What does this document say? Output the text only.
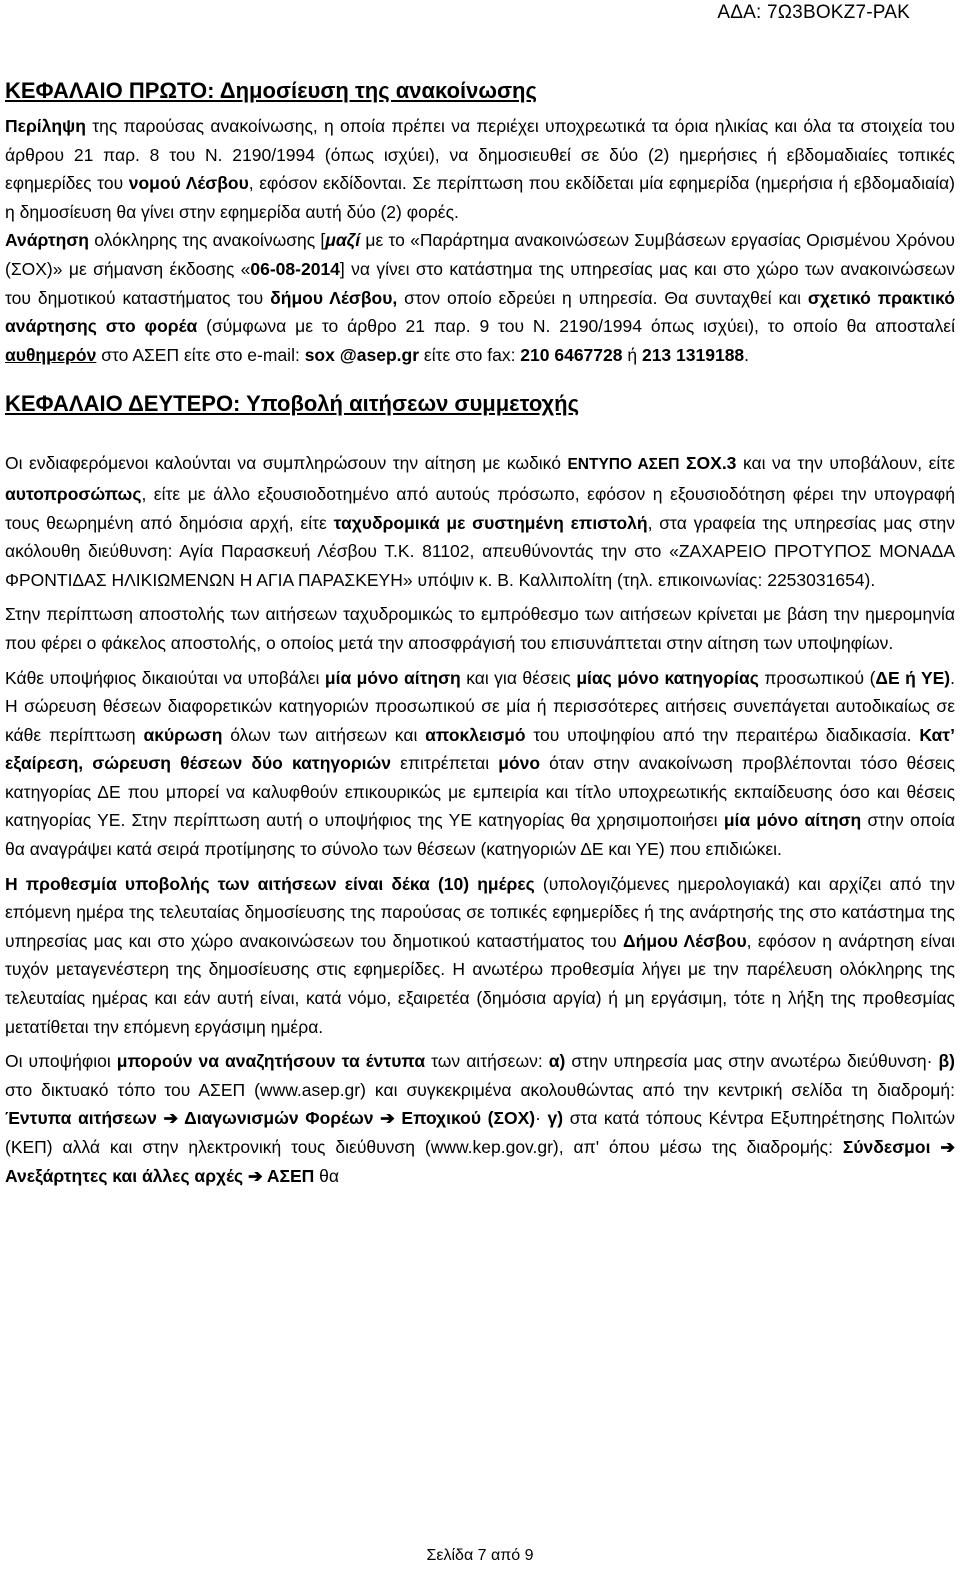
ΑΔΑ: 7Ω3ΒΟΚΖ7-ΡΑΚ
ΚΕΦΑΛΑΙΟ ΠΡΩΤΟ: Δημοσίευση της ανακοίνωσης

Περίληψη της παρούσας ανακοίνωσης, η οποία πρέπει να περιέχει υποχρεωτικά τα όρια ηλικίας και όλα τα στοιχεία του άρθρου 21 παρ. 8 του Ν. 2190/1994 (όπως ισχύει), να δημοσιευθεί σε δύο (2) ημερήσιες ή εβδομαδιαίες τοπικές εφημερίδες του νομού Λέσβου, εφόσον εκδίδονται. Σε περίπτωση που εκδίδεται μία εφημερίδα (ημερήσια ή εβδομαδιαία) η δημοσίευση θα γίνει στην εφημερίδα αυτή δύο (2) φορές.

Ανάρτηση ολόκληρης της ανακοίνωσης [μαζί με το «Παράρτημα ανακοινώσεων Συμβάσεων εργασίας Ορισμένου Χρόνου (ΣΟΧ)» με σήμανση έκδοσης «06-08-2014] να γίνει στο κατάστημα της υπηρεσίας μας και στο χώρο των ανακοινώσεων του δημοτικού καταστήματος του δήμου Λέσβου, στον οποίο εδρεύει η υπηρεσία. Θα συνταχθεί και σχετικό πρακτικό ανάρτησης στο φορέα (σύμφωνα με το άρθρο 21 παρ. 9 του Ν. 2190/1994 όπως ισχύει), το οποίο θα αποσταλεί αυθημερόν στο ΑΣΕΠ είτε στο e-mail: sox @asep.gr είτε στο fax: 210 6467728 ή 213 1319188.

ΚΕΦΑΛΑΙΟ ΔΕΥΤΕΡΟ: Υποβολή αιτήσεων συμμετοχής

Οι ενδιαφερόμενοι καλούνται να συμπληρώσουν την αίτηση με κωδικό ΕΝΤΥΠΟ ΑΣΕΠ ΣΟΧ.3 και να την υποβάλουν, είτε αυτοπροσώπως, είτε με άλλο εξουσιοδοτημένο από αυτούς πρόσωπο, εφόσον η εξουσιοδότηση φέρει την υπογραφή τους θεωρημένη από δημόσια αρχή, είτε ταχυδρομικά με συστημένη επιστολή, στα γραφεία της υπηρεσίας μας στην ακόλουθη διεύθυνση: Αγία Παρασκευή Λέσβου Τ.Κ. 81102, απευθύνοντάς την στο «ΖΑΧΑΡΕΙΟ ΠΡΟΤΥΠΟΣ ΜΟΝΑΔΑ ΦΡΟΝΤΙΔΑΣ ΗΛΙΚΙΩΜΕΝΩΝ Η ΑΓΙΑ ΠΑΡΑΣΚΕΥΗ» υπόψιν κ. Β. Καλλιπολίτη (τηλ. επικοινωνίας: 2253031654).

Στην περίπτωση αποστολής των αιτήσεων ταχυδρομικώς το εμπρόθεσμο των αιτήσεων κρίνεται με βάση την ημερομηνία που φέρει ο φάκελος αποστολής, ο οποίος μετά την αποσφράγισή του επισυνάπτεται στην αίτηση των υποψηφίων.

Κάθε υποψήφιος δικαιούται να υποβάλει μία μόνο αίτηση και για θέσεις μίας μόνο κατηγορίας προσωπικού (ΔΕ ή ΥΕ). Η σώρευση θέσεων διαφορετικών κατηγοριών προσωπικού σε μία ή περισσότερες αιτήσεις συνεπάγεται αυτοδικαίως σε κάθε περίπτωση ακύρωση όλων των αιτήσεων και αποκλεισμό του υποψηφίου από την περαιτέρω διαδικασία. Κατ’ εξαίρεση, σώρευση θέσεων δύο κατηγοριών επιτρέπεται μόνο όταν στην ανακοίνωση προβλέπονται τόσο θέσεις κατηγορίας ΔΕ που μπορεί να καλυφθούν επικουρικώς με εμπειρία και τίτλο υποχρεωτικής εκπαίδευσης όσο και θέσεις κατηγορίας ΥΕ. Στην περίπτωση αυτή ο υποψήφιος της ΥΕ κατηγορίας θα χρησιμοποιήσει μία μόνο αίτηση στην οποία θα αναγράψει κατά σειρά προτίμησης το σύνολο των θέσεων (κατηγοριών ΔΕ και ΥΕ) που επιδιώκει.

Η προθεσμία υποβολής των αιτήσεων είναι δέκα (10) ημέρες (υπολογιζόμενες ημερολογιακά) και αρχίζει από την επόμενη ημέρα της τελευταίας δημοσίευσης της παρούσας σε τοπικές εφημερίδες ή της ανάρτησής της στο κατάστημα της υπηρεσίας μας και στο χώρο ανακοινώσεων του δημοτικού καταστήματος του Δήμου Λέσβου, εφόσον η ανάρτηση είναι τυχόν μεταγενέστερη της δημοσίευσης στις εφημερίδες. Η ανωτέρω προθεσμία λήγει με την παρέλευση ολόκληρης της τελευταίας ημέρας και εάν αυτή είναι, κατά νόμο, εξαιρετέα (δημόσια αργία) ή μη εργάσιμη, τότε η λήξη της προθεσμίας μετατίθεται την επόμενη εργάσιμη ημέρα.

Οι υποψήφιοι μπορούν να αναζητήσουν τα έντυπα των αιτήσεων: α) στην υπηρεσία μας στην ανωτέρω διεύθυνση· β) στο δικτυακό τόπο του ΑΣΕΠ (www.asep.gr) και συγκεκριμένα ακολουθώντας από την κεντρική σελίδα τη διαδρομή: Έντυπα αιτήσεων ➔ Διαγωνισμών Φορέων ➔ Εποχικού (ΣΟΧ)· γ) στα κατά τόπους Κέντρα Εξυπηρέτησης Πολιτών (ΚΕΠ) αλλά και στην ηλεκτρονική τους διεύθυνση (www.kep.gov.gr), απ' όπου μέσω της διαδρομής: Σύνδεσμοι ➔ Ανεξάρτητες και άλλες αρχές ➔ ΑΣΕΠ θα

Σελίδα 7 από 9
